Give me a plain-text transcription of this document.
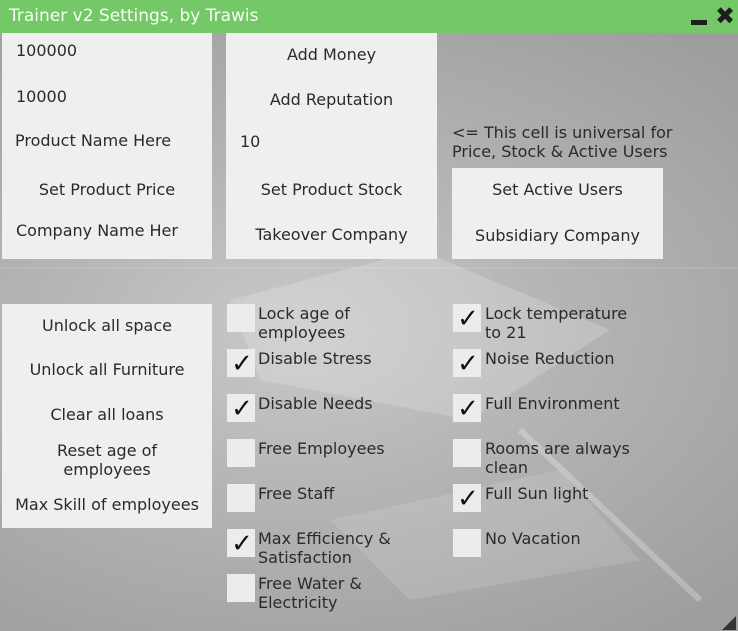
Trainer v2 Settings, by Trawis	✖
100000
10000
Product Name Here
Set Product Price
Company Name Her
Add Money
Add Reputation
10
Set Product Stock
Takeover Company
<= This cell is universal for
Price, Stock & Active Users
Set Active Users
Subsidiary Company
Unlock all space
Unlock all Furniture
Clear all loans
Reset age of
employees
Max Skill of employees
Lock age of
employees
✓ Disable Stress
✓ Disable Needs
Free Employees
Free Staff
✓ Max Efficiency &
Satisfaction
Free Water &
Electricity
✓ Lock temperature
to 21
✓ Noise Reduction
✓ Full Environment
Rooms are always
clean
✓ Full Sun light
No Vacation
